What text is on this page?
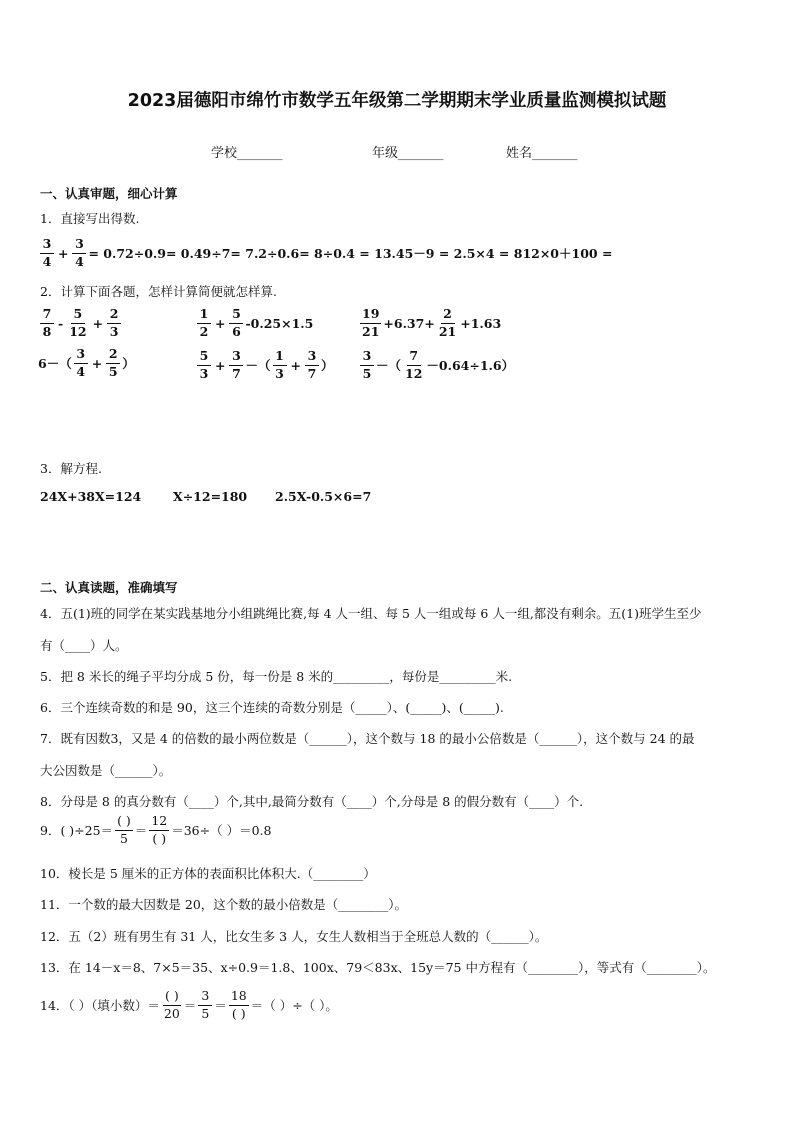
2023届德阳市绵竹市数学五年级第二学期期末学业质量监测模拟试题
学校_______	年级_______	姓名_______
一、认真审题，细心计算
1．直接写出得数.
$\frac{3}{4} + \frac{3}{4} = 0.72\div 0.9= 0.49\div 7= 7.2\div 0.6= 8\div 0.4 = 13.45-9 = 2.5\times 4 = 812\times 0+100$ =
2．计算下面各题，怎样计算简便就怎样算.
$\frac{7}{8} - \frac{5}{12} + \frac{2}{3}$	$\frac{1}{2} + \frac{5}{6} -0.25\times 1.5$	$\frac{19}{21} +6.37+ \frac{2}{21} +1.63$
$6-( \frac{3}{4} + \frac{2}{5}$ ）	$\frac{5}{3} + \frac{3}{7}$ －（ $\frac{1}{3} + \frac{3}{7}$ ） $\frac{3}{5}$ －（ $\frac{7}{12} -0.64\div 1.6$）
3．解方程.
24X+38X=124	X÷12=180 2.5X-0.5×6=7
二、认真读题，准确填写
4．五(1)班的同学在某实践基地分小组跳绳比赛,每 4 人一组、每 5 人一组或每 6 人一组,都没有剩余。五(1)班学生至少
有（____）人。
5．把 8 米长的绳子平均分成 5 份，每一份是 8 米的_________，每份是_________米.
6．三个连续奇数的和是 90，这三个连续的奇数分别是（_____）、(_____)、(_____).
7．既有因数3，又是 4 的倍数的最小两位数是（______），这个数与 18 的最小公倍数是（______），这个数与 24 的最
大公因数是（______）。
8．分母是 8 的真分数有（____）个,其中,最简分数有（____）个,分母是 8 的假分数有（____）个.
9．( )$\div 25= \frac{( )}{5} = \frac{12}{( )} =36\div$（ ）＝0.8
10．棱长是 5 厘米的正方体的表面积比体积大.（________）
11．一个数的最大因数是 20，这个数的最小倍数是（________）。
12．五（2）班有男生有 31 人，比女生多 3 人，女生人数相当于全班总人数的（______）。
13．在 14－x＝8、7×5＝35、x÷0.9＝1.8、100x、79＜83x、15y＝75 中方程有（________），等式有（________）。
14．（ ）（填小数）＝ $\frac{( )}{20} = \frac{3}{5} = \frac{18}{( )}$ ＝（ ）÷（ ）。
